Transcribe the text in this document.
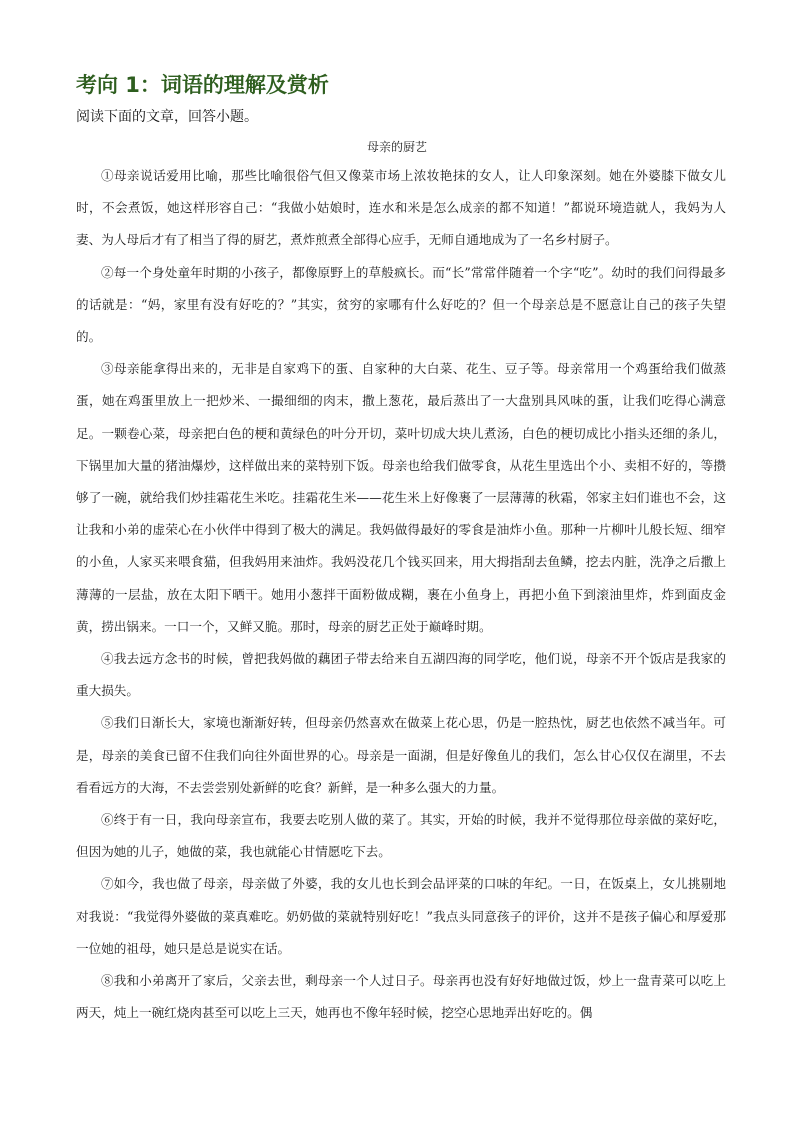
考向 1：词语的理解及赏析
阅读下面的文章，回答小题。
母亲的厨艺

①母亲说话爱用比喻，那些比喻很俗气但又像菜市场上浓妆艳抹的女人，让人印象深刻。她在外婆膝下做女儿时，不会煮饭，她这样形容自己：“我做小姑娘时，连水和米是怎么成亲的都不知道！”都说环境造就人，我妈为人妻、为人母后才有了相当了得的厨艺，煮炸煎煮全部得心应手，无师自通地成为了一名乡村厨子。

②每一个身处童年时期的小孩子，都像原野上的草般疯长。而“长”常常伴随着一个字“吃”。幼时的我们问得最多的话就是：“妈，家里有没有好吃的？”其实，贫穷的家哪有什么好吃的？但一个母亲总是不愿意让自己的孩子失望的。

③母亲能拿得出来的，无非是自家鸡下的蛋、自家种的大白菜、花生、豆子等。母亲常用一个鸡蛋给我们做蒸蛋，她在鸡蛋里放上一把炒米、一撮细细的肉末，撒上葱花，最后蒸出了一大盘别具风味的蛋，让我们吃得心满意足。一颗卷心菜，母亲把白色的梗和黄绿色的叶分开切，菜叶切成大块儿煮汤，白色的梗切成比小指头还细的条儿，下锅里加大量的猪油爆炒，这样做出来的菜特别下饭。母亲也给我们做零食，从花生里选出个小、卖相不好的，等攒够了一碗，就给我们炒挂霜花生米吃。挂霜花生米——花生米上好像裹了一层薄薄的秋霜，邻家主妇们谁也不会，这让我和小弟的虚荣心在小伙伴中得到了极大的满足。我妈做得最好的零食是油炸小鱼。那种一片柳叶儿般长短、细窄的小鱼，人家买来喂食猫，但我妈用来油炸。我妈没花几个钱买回来，用大拇指刮去鱼鳞，挖去内脏，洗净之后撒上薄薄的一层盐，放在太阳下晒干。她用小葱拌干面粉做成糊，裹在小鱼身上，再把小鱼下到滚油里炸，炸到面皮金黄，捞出锅来。一口一个，又鲜又脆。那时，母亲的厨艺正处于巅峰时期。

④我去远方念书的时候，曾把我妈做的藕团子带去给来自五湖四海的同学吃，他们说，母亲不开个饭店是我家的重大损失。

⑤我们日渐长大，家境也渐渐好转，但母亲仍然喜欢在做菜上花心思，仍是一腔热忱，厨艺也依然不减当年。可是，母亲的美食已留不住我们向往外面世界的心。母亲是一面湖，但是好像鱼儿的我们，怎么甘心仅仅在湖里，不去看看远方的大海，不去尝尝别处新鲜的吃食？新鲜，是一种多么强大的力量。

⑥终于有一日，我向母亲宣布，我要去吃别人做的菜了。其实，开始的时候，我并不觉得那位母亲做的菜好吃，但因为她的儿子，她做的菜，我也就能心甘情愿吃下去。

⑦如今，我也做了母亲，母亲做了外婆，我的女儿也长到会品评菜的口味的年纪。一日，在饭桌上，女儿挑剔地对我说：“我觉得外婆做的菜真难吃。奶奶做的菜就特别好吃！”我点头同意孩子的评价，这并不是孩子偏心和厚爱那一位她的祖母，她只是总是说实在话。

⑧我和小弟离开了家后，父亲去世，剩母亲一个人过日子。母亲再也没有好好地做过饭，炒上一盘青菜可以吃上两天，炖上一碗红烧肉甚至可以吃上三天，她再也不像年轻时候，挖空心思地弄出好吃的。偶
